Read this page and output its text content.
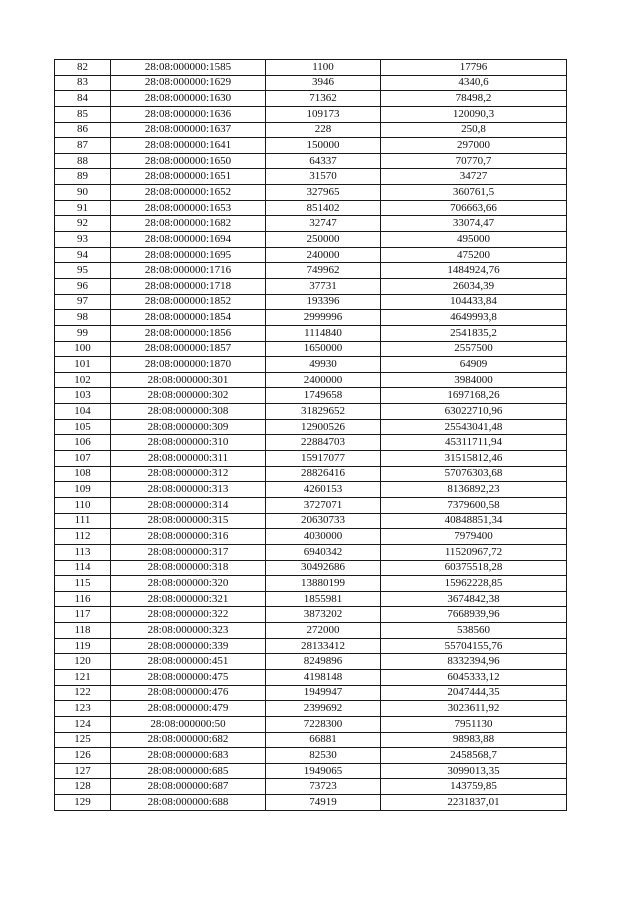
82	28:08:000000:1585	1100	17796
83	28:08:000000:1629	3946	4340,6
84	28:08:000000:1630	71362	78498,2
85	28:08:000000:1636	109173	120090,3
86	28:08:000000:1637	228	250,8
87	28:08:000000:1641	150000	297000
88	28:08:000000:1650	64337	70770,7
89	28:08:000000:1651	31570	34727
90	28:08:000000:1652	327965	360761,5
91	28:08:000000:1653	851402	706663,66
92	28:08:000000:1682	32747	33074,47
93	28:08:000000:1694	250000	495000
94	28:08:000000:1695	240000	475200
95	28:08:000000:1716	749962	1484924,76
96	28:08:000000:1718	37731	26034,39
97	28:08:000000:1852	193396	104433,84
98	28:08:000000:1854	2999996	4649993,8
99	28:08:000000:1856	1114840	2541835,2
100	28:08:000000:1857	1650000	2557500
101	28:08:000000:1870	49930	64909
102	28:08:000000:301	2400000	3984000
103	28:08:000000:302	1749658	1697168,26
104	28:08:000000:308	31829652	63022710,96
105	28:08:000000:309	12900526	25543041,48
106	28:08:000000:310	22884703	45311711,94
107	28:08:000000:311	15917077	31515812,46
108	28:08:000000:312	28826416	57076303,68
109	28:08:000000:313	4260153	8136892,23
110	28:08:000000:314	3727071	7379600,58
111	28:08:000000:315	20630733	40848851,34
112	28:08:000000:316	4030000	7979400
113	28:08:000000:317	6940342	11520967,72
114	28:08:000000:318	30492686	60375518,28
115	28:08:000000:320	13880199	15962228,85
116	28:08:000000:321	1855981	3674842,38
117	28:08:000000:322	3873202	7668939,96
118	28:08:000000:323	272000	538560
119	28:08:000000:339	28133412	55704155,76
120	28:08:000000:451	8249896	8332394,96
121	28:08:000000:475	4198148	6045333,12
122	28:08:000000:476	1949947	2047444,35
123	28:08:000000:479	2399692	3023611,92
124	28:08:000000:50	7228300	7951130
125	28:08:000000:682	66881	98983,88
126	28:08:000000:683	82530	2458568,7
127	28:08:000000:685	1949065	3099013,35
128	28:08:000000:687	73723	143759,85
129	28:08:000000:688	74919	2231837,01
